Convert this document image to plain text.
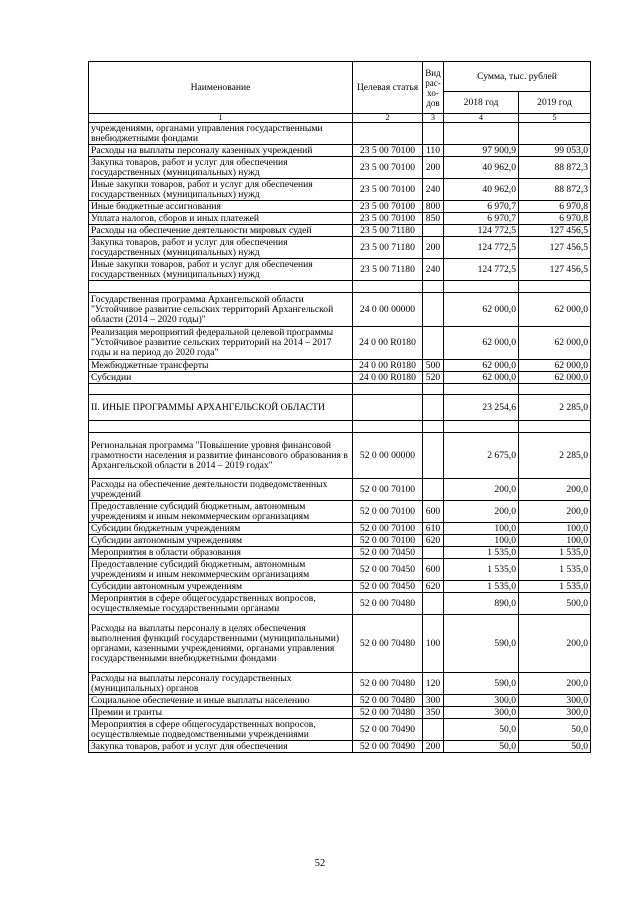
Наименование	Целевая статья	Вид рас-хо-дов	Сумма, тыс. рублей	
			2018 год	2019 год
1	2	3	4	5
учреждениями, органами управления государственными внебюджетными фондами				
Расходы на выплаты персоналу казенных учреждений	23 5 00 70100	110	97 900,9	99 053,0
Закупка товаров, работ и услуг для обеспечения государственных (муниципальных) нужд	23 5 00 70100	200	40 962,0	88 872,3
Иные закупки товаров, работ и услуг для обеспечения государственных (муниципальных) нужд	23 5 00 70100	240	40 962,0	88 872,3
Иные бюджетные ассигнования	23 5 00 70100	800	6 970,7	6 970,8
Уплата налогов, сборов и иных платежей	23 5 00 70100	850	6 970,7	6 970,8
Расходы на обеспечение деятельности мировых судей	23 5 00 71180		124 772,5	127 456,5
Закупка товаров, работ и услуг для обеспечения государственных (муниципальных) нужд	23 5 00 71180	200	124 772,5	127 456,5
Иные закупки товаров, работ и услуг для обеспечения государственных (муниципальных) нужд	23 5 00 71180	240	124 772,5	127 456,5

Государственная программа Архангельской области "Устойчивое развитие сельских территорий Архангельской области (2014 – 2020 годы)"	24 0 00 00000		62 000,0	62 000,0
Реализация мероприятий федеральной целевой программы "Устойчивое развитие сельских территорий на 2014 – 2017 годы и на период до 2020 года"	24 0 00 R0180		62 000,0	62 000,0
Межбюджетные трансферты	24 0 00 R0180	500	62 000,0	62 000,0
Субсидии	24 0 00 R0180	520	62 000,0	62 000,0

II. ИНЫЕ ПРОГРАММЫ АРХАНГЕЛЬСКОЙ ОБЛАСТИ			23 254,6	2 285,0

Региональная программа "Повышение уровня финансовой грамотности населения и развитие финансового образования в Архангельской области в 2014 – 2019 годах"	52 0 00 00000		2 675,0	2 285,0
Расходы на обеспечение деятельности подведомственных учреждений	52 0 00 70100		200,0	200,0
Предоставление субсидий бюджетным, автономным учреждениям и иным некоммерческим организациям	52 0 00 70100	600	200,0	200,0
Субсидии бюджетным учреждениям	52 0 00 70100	610	100,0	100,0
Субсидии автономным учреждениям	52 0 00 70100	620	100,0	100,0
Мероприятия в области образования	52 0 00 70450		1 535,0	1 535,0
Предоставление субсидий бюджетным, автономным учреждениям и иным некоммерческим организациям	52 0 00 70450	600	1 535,0	1 535,0
Субсидии автономным учреждениям	52 0 00 70450	620	1 535,0	1 535,0
Мероприятия в сфере общегосударственных вопросов, осуществляемые государственными органами	52 0 00 70480		890,0	500,0
Расходы на выплаты персоналу в целях обеспечения выполнения функций государственными (муниципальными) органами, казенными учреждениями, органами управления государственными внебюджетными фондами	52 0 00 70480	100	590,0	200,0
Расходы на выплаты персоналу государственных (муниципальных) органов	52 0 00 70480	120	590,0	200,0
Социальное обеспечение и иные выплаты населению	52 0 00 70480	300	300,0	300,0
Премии и гранты	52 0 00 70480	350	300,0	300,0
Мероприятия в сфере общегосударственных вопросов, осуществляемые подведомственными учреждениями	52 0 00 70490		50,0	50,0
Закупка товаров, работ и услуг для обеспечения	52 0 00 70490	200	50,0	50,0
52
